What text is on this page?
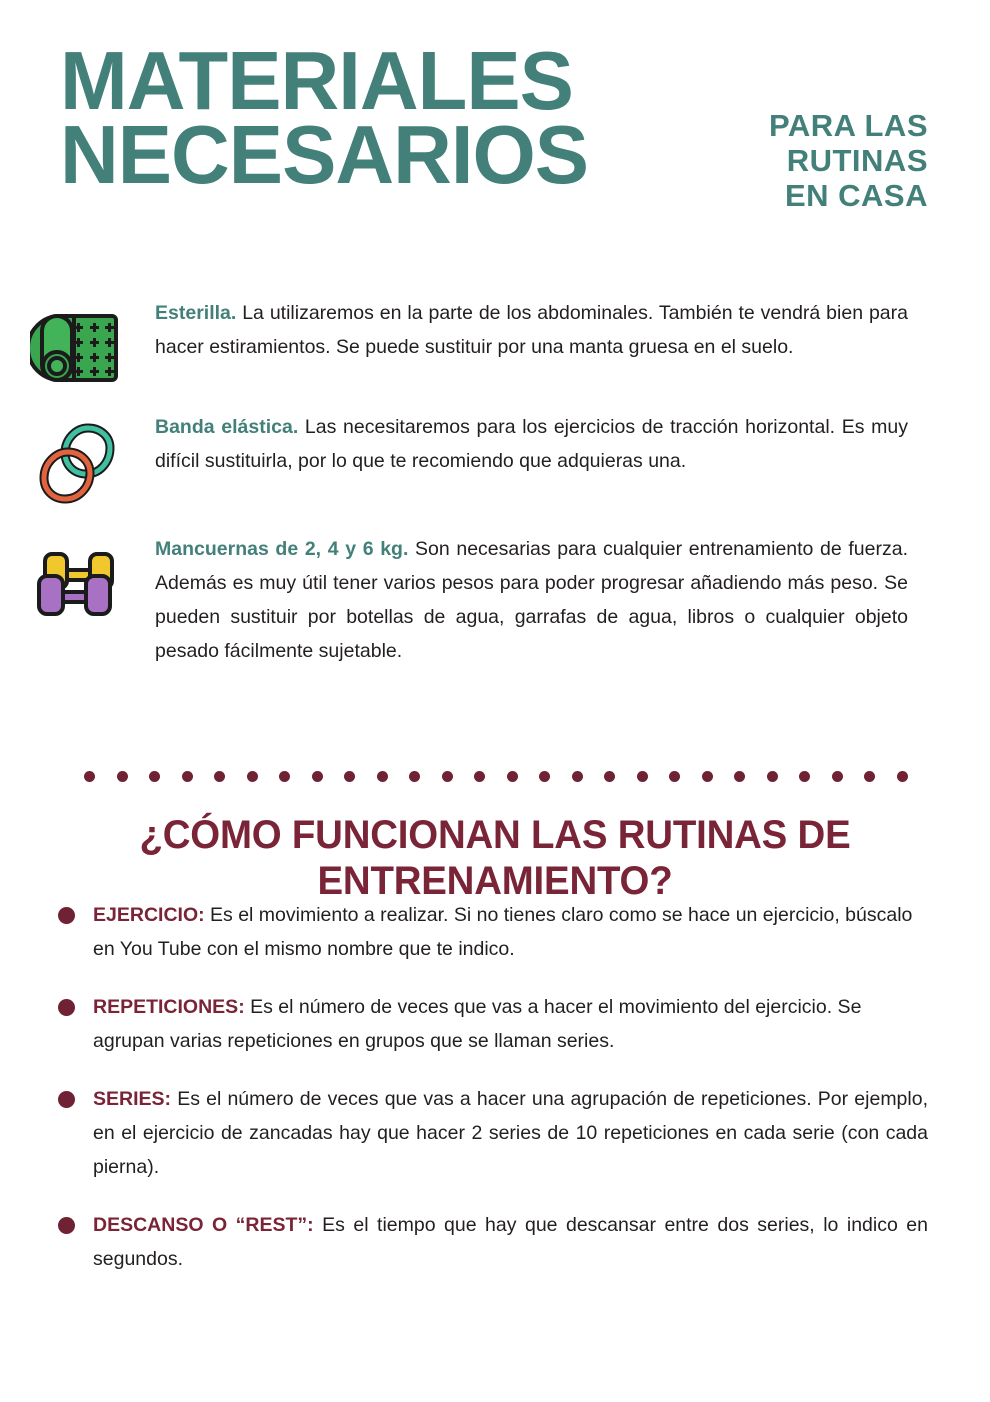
MATERIALES
NECESARIOS	PARA LAS
RUTINAS
EN CASA
Esterilla. La utilizaremos en la parte de los abdominales. También te vendrá bien para hacer estiramientos. Se puede sustituir por una manta gruesa en el suelo.
Banda elástica. Las necesitaremos para los ejercicios de tracción horizontal. Es muy difícil sustituirla, por lo que te recomiendo que adquieras una.
Mancuernas de 2, 4 y 6 kg. Son necesarias para cualquier entrenamiento de fuerza. Además es muy útil tener varios pesos para poder progresar añadiendo más peso. Se pueden sustituir por botellas de agua, garrafas de agua, libros o cualquier objeto pesado fácilmente sujetable.
¿CÓMO FUNCIONAN LAS RUTINAS DE ENTRENAMIENTO?
EJERCICIO: Es el movimiento a realizar. Si no tienes claro como se hace un ejercicio, búscalo en You Tube con el mismo nombre que te indico.
REPETICIONES: Es el número de veces que vas a hacer el movimiento del ejercicio. Se agrupan varias repeticiones en grupos que se llaman series.
SERIES: Es el número de veces que vas a hacer una agrupación de repeticiones. Por ejemplo, en el ejercicio de zancadas hay que hacer 2 series de 10 repeticiones en cada serie (con cada pierna).
DESCANSO O “REST”: Es el tiempo que hay que descansar entre dos series, lo indico en segundos.
